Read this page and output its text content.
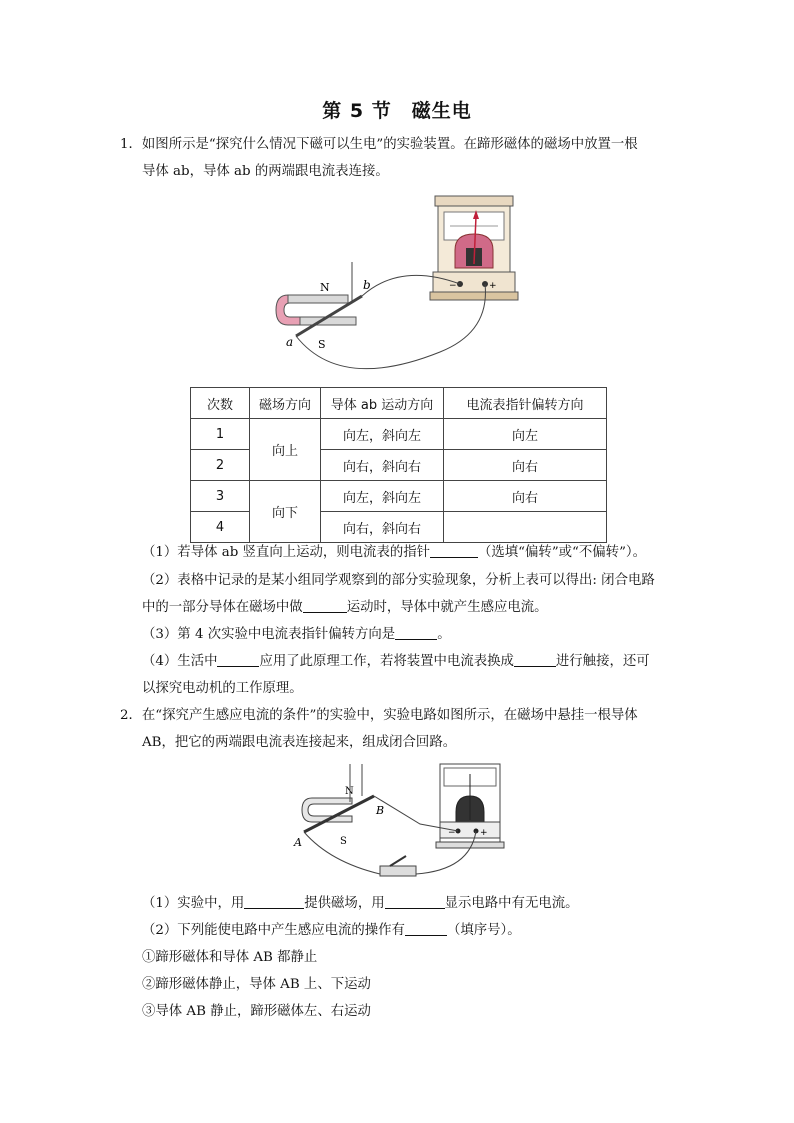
第 5 节　磁生电
1．如图所示是“探究什么情况下磁可以生电”的实验装置。在蹄形磁体的磁场中放置一根
导体 ab，导体 ab 的两端跟电流表连接。
−	+
N
S
a
b
次数	磁场方向	导体 ab 运动方向	电流表指针偏转方向
1	向上	向左，斜向左	向左
2		向右，斜向右	向右
3	向下	向左，斜向左	向右
4		向右，斜向右	
（1）若导体 ab 竖直向上运动，则电流表的指针	（选填“偏转”或“不偏转”）。
（2）表格中记录的是某小组同学观察到的部分实验现象，分析上表可以得出: 闭合电路
中的一部分导体在磁场中做	运动时，导体中就产生感应电流。
（3）第 4 次实验中电流表指针偏转方向是	。
（4）生活中	应用了此原理工作，若将装置中电流表换成	进行触接，还可
以探究电动机的工作原理。
2．在“探究产生感应电流的条件”的实验中，实验电路如图所示，在磁场中悬挂一根导体
AB，把它的两端跟电流表连接起来，组成闭合回路。
−	+
N
S
A
B
（1）实验中，用	提供磁场，用	显示电路中有无电流。
（2）下列能使电路中产生感应电流的操作有	（填序号）。
①蹄形磁体和导体 AB 都静止
②蹄形磁体静止，导体 AB 上、下运动
③导体 AB 静止，蹄形磁体左、右运动
